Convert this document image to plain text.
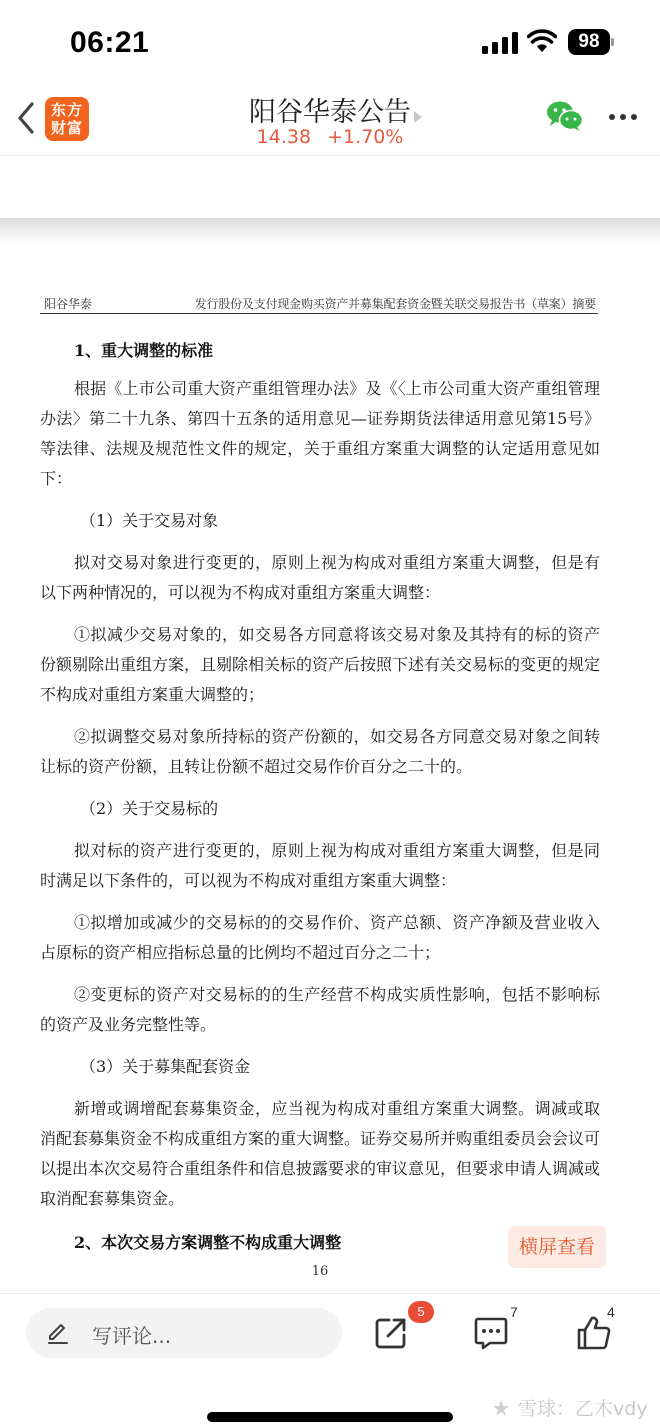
06:21	98
东方
财富	阳谷华泰公告
14.38 +1.70%
阳谷华泰	发行股份及支付现金购买资产并募集配套资金暨关联交易报告书（草案）摘要
1、重大调整的标准
根据《上市公司重大资产重组管理办法》及《〈上市公司重大资产重组管理办法〉第二十九条、第四十五条的适用意见—证券期货法律适用意见第15号》等法律、法规及规范性文件的规定，关于重组方案重大调整的认定适用意见如下：
（1）关于交易对象
拟对交易对象进行变更的，原则上视为构成对重组方案重大调整，但是有以下两种情况的，可以视为不构成对重组方案重大调整：
①拟减少交易对象的，如交易各方同意将该交易对象及其持有的标的资产份额剔除出重组方案，且剔除相关标的资产后按照下述有关交易标的变更的规定不构成对重组方案重大调整的；
②拟调整交易对象所持标的资产份额的，如交易各方同意交易对象之间转让标的资产份额，且转让份额不超过交易作价百分之二十的。
（2）关于交易标的
拟对标的资产进行变更的，原则上视为构成对重组方案重大调整，但是同时满足以下条件的，可以视为不构成对重组方案重大调整：
①拟增加或减少的交易标的的交易作价、资产总额、资产净额及营业收入占原标的资产相应指标总量的比例均不超过百分之二十；
②变更标的资产对交易标的的生产经营不构成实质性影响，包括不影响标的资产及业务完整性等。
（3）关于募集配套资金
新增或调增配套募集资金，应当视为构成对重组方案重大调整。调减或取消配套募集资金不构成重组方案的重大调整。证券交易所并购重组委员会会议可以提出本次交易符合重组条件和信息披露要求的审议意见，但要求申请人调减或取消配套募集资金。
2、本次交易方案调整不构成重大调整	横屏查看
16
写评论...
5	7	4
雪球：乙木vdy
